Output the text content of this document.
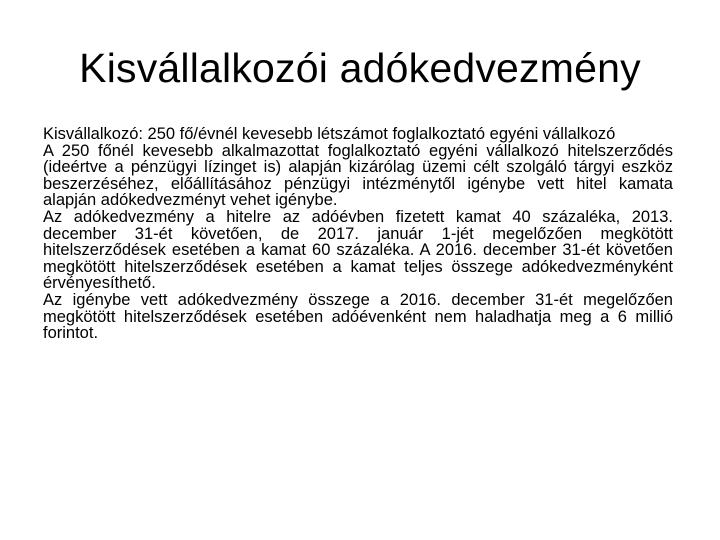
Kisvállalkozói adókedvezmény

Kisvállalkozó: 250 fő/évnél kevesebb létszámot foglalkoztató egyéni vállalkozó

A 250 főnél kevesebb alkalmazottat foglalkoztató egyéni vállalkozó hitelszerződés (ideértve a pénzügyi lízinget is) alapján kizárólag üzemi célt szolgáló tárgyi eszköz beszerzéséhez, előállításához pénzügyi intézménytől igénybe vett hitel kamata alapján adókedvezményt vehet igénybe.

Az adókedvezmény a hitelre az adóévben fizetett kamat 40 százaléka, 2013. december 31-ét követően, de 2017. január 1-jét megelőzően megkötött hitelszerződések esetében a kamat 60 százaléka. A 2016. december 31-ét követően megkötött hitelszerződések esetében a kamat teljes összege adókedvezményként érvényesíthető.

Az igénybe vett adókedvezmény összege a 2016. december 31-ét megelőzően megkötött hitelszerződések esetében adóévenként nem haladhatja meg a 6 millió forintot.
